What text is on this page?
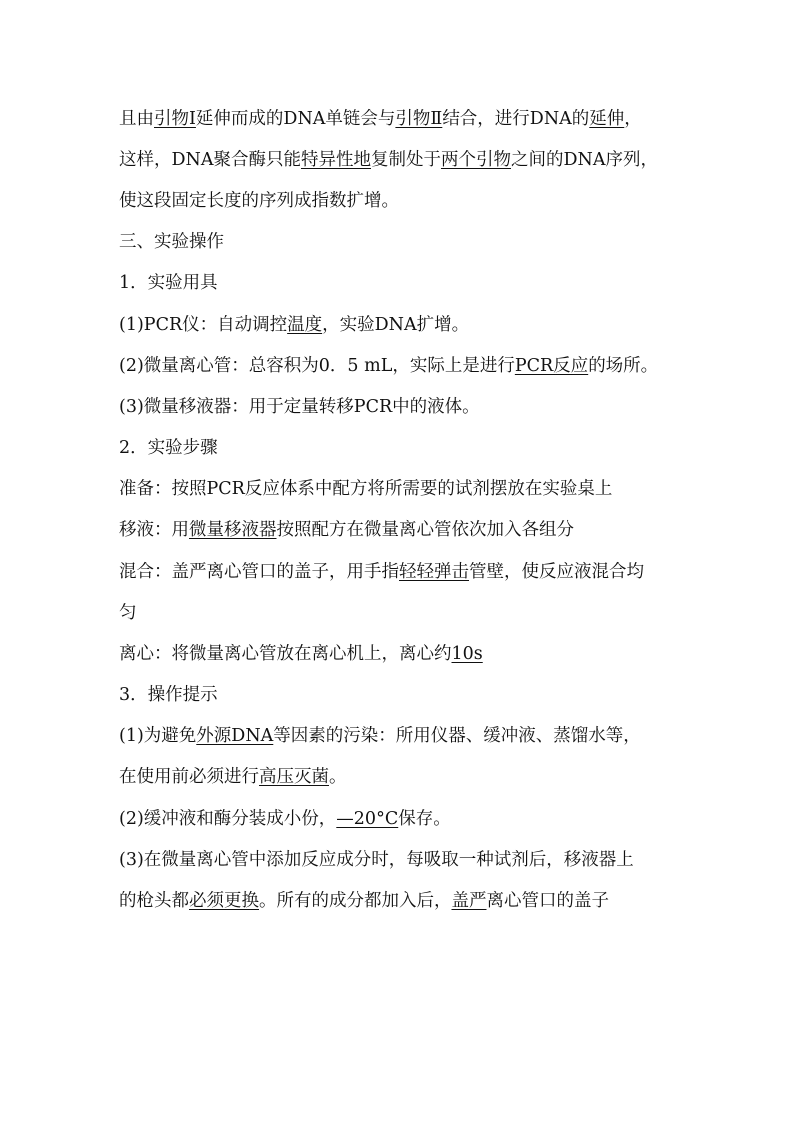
且由引物Ⅰ延伸而成的DNA单链会与引物Ⅱ结合，进行DNA的延伸，
这样，DNA聚合酶只能特异性地复制处于两个引物之间的DNA序列，
使这段固定长度的序列成指数扩增。
三、实验操作
1．实验用具
(1)PCR仪：自动调控温度，实验DNA扩增。
(2)微量离心管：总容积为0．5 mL，实际上是进行PCR反应的场所。
(3)微量移液器：用于定量转移PCR中的液体。
2．实验步骤
准备：按照PCR反应体系中配方将所需要的试剂摆放在实验桌上
移液：用微量移液器按照配方在微量离心管依次加入各组分
混合：盖严离心管口的盖子，用手指轻轻弹击管壁，使反应液混合均
匀
离心：将微量离心管放在离心机上，离心约10s
3．操作提示
(1)为避免外源DNA等因素的污染：所用仪器、缓冲液、蒸馏水等，
在使用前必须进行高压灭菌。
(2)缓冲液和酶分装成小份，—20°C保存。
(3)在微量离心管中添加反应成分时，每吸取一种试剂后，移液器上
的枪头都必须更换。所有的成分都加入后，盖严离心管口的盖子
